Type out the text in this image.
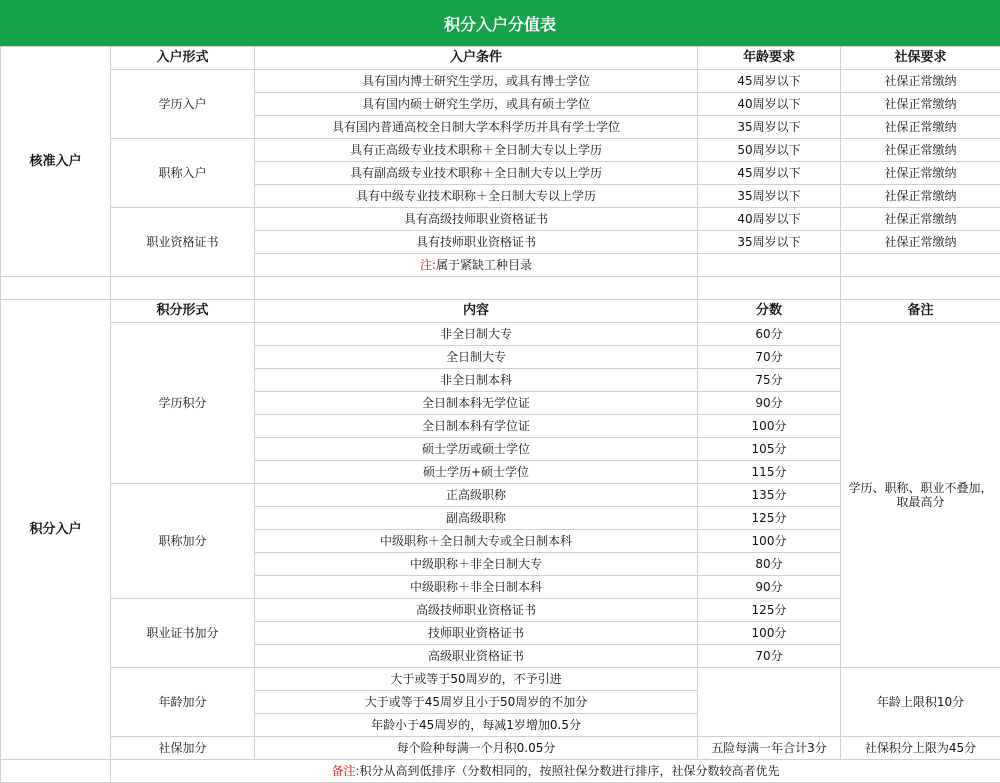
积分入户分值表
核准入户	入户形式	入户条件	年龄要求	社保要求
	学历入户	具有国内博士研究生学历，或具有博士学位	45周岁以下	社保正常缴纳
		具有国内硕士研究生学历，或具有硕士学位	40周岁以下	社保正常缴纳
		具有国内普通高校全日制大学本科学历并具有学士学位	35周岁以下	社保正常缴纳
	职称入户	具有正高级专业技术职称＋全日制大专以上学历	50周岁以下	社保正常缴纳
		具有副高级专业技术职称＋全日制大专以上学历	45周岁以下	社保正常缴纳
		具有中级专业技术职称＋全日制大专以上学历	35周岁以下	社保正常缴纳
	职业资格证书	具有高级技师职业资格证书	40周岁以下	社保正常缴纳
		具有技师职业资格证书	35周岁以下	社保正常缴纳
		注:属于紧缺工种目录		

积分入户	积分形式	内容	分数	备注
	学历积分	非全日制大专	60分	学历、职称、职业不叠加，取最高分
		全日制大专	70分	
		非全日制本科	75分	
		全日制本科无学位证	90分	
		全日制本科有学位证	100分	
		硕士学历或硕士学位	105分	
		硕士学历+硕士学位	115分	
	职称加分	正高级职称	135分	
		副高级职称	125分	
		中级职称＋全日制大专或全日制本科	100分	
		中级职称＋非全日制大专	80分	
		中级职称＋非全日制本科	90分	
	职业证书加分	高级技师职业资格证书	125分	
		技师职业资格证书	100分	
		高级职业资格证书	70分	
	年龄加分	大于或等于50周岁的，不予引进		年龄上限积10分
		大于或等于45周岁且小于50周岁的不加分		
		年龄小于45周岁的，每减1岁增加0.5分		
	社保加分	每个险种每满一个月积0.05分	五险每满一年合计3分	社保积分上限为45分
	备注:积分从高到低排序（分数相同的，按照社保分数进行排序，社保分数较高者优先			
